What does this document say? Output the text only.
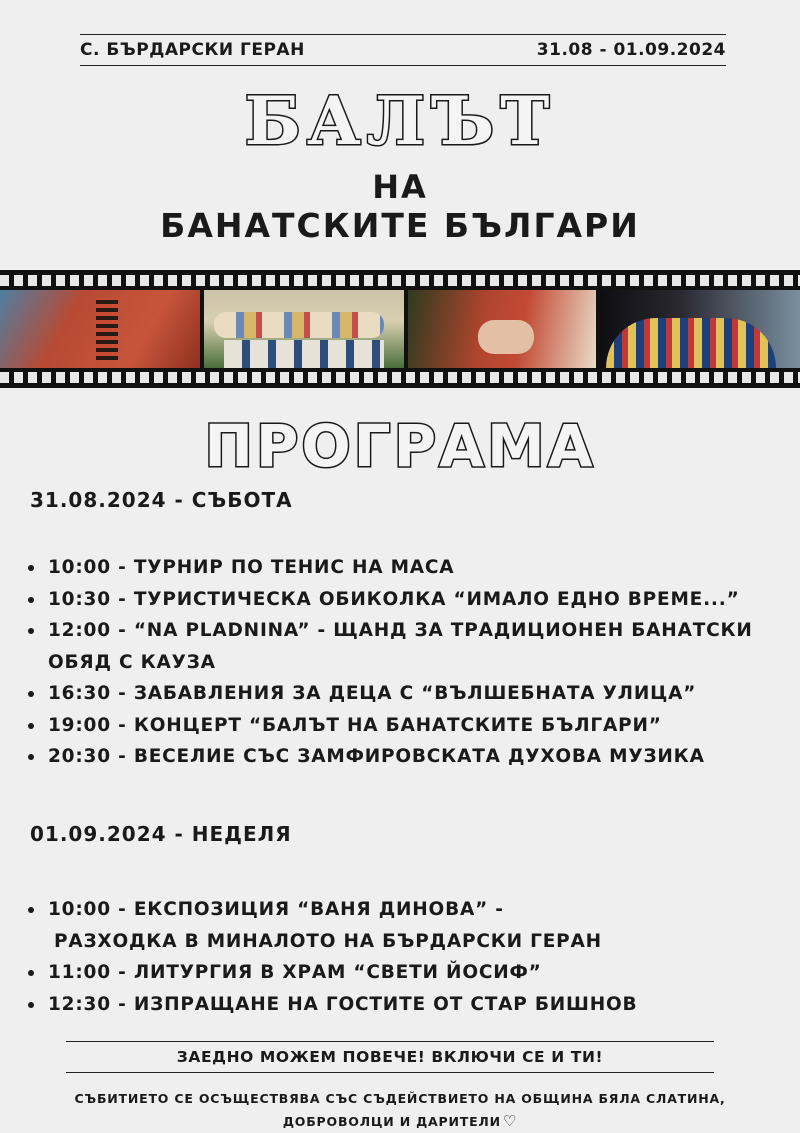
С. БЪРДАРСКИ ГЕРАН	31.08 - 01.09.2024
БАЛЪТ
НА
БАНАТСКИТЕ БЪЛГАРИ
ПРОГРАМА
31.08.2024 - СЪБОТА
10:00 - ТУРНИР ПО ТЕНИС НА МАСА
10:30 - ТУРИСТИЧЕСКА ОБИКОЛКА “ИМАЛО ЕДНО ВРЕМЕ...”
12:00 - “NA PLADNINA” - ЩАНД ЗА ТРАДИЦИОНЕН БАНАТСКИ
ОБЯД С КАУЗА
16:30 - ЗАБАВЛЕНИЯ ЗА ДЕЦА С “ВЪЛШЕБНАТА УЛИЦА”
19:00 - КОНЦЕРТ “БАЛЪТ НА БАНАТСКИТЕ БЪЛГАРИ”
20:30 - ВЕСЕЛИЕ СЪС ЗАМФИРОВСКАТА ДУХОВА МУЗИКА
01.09.2024 - НЕДЕЛЯ
10:00 - ЕКСПОЗИЦИЯ “ВАНЯ ДИНОВА” -
РАЗХОДКА В МИНАЛОТО НА БЪРДАРСКИ ГЕРАН
11:00 - ЛИТУРГИЯ В ХРАМ “СВЕТИ ЙОСИФ”
12:30 - ИЗПРАЩАНЕ НА ГОСТИТЕ ОТ СТАР БИШНОВ
ЗАЕДНО МОЖЕМ ПОВЕЧЕ! ВКЛЮЧИ СЕ И ТИ!
СЪБИТИЕТО СЕ ОСЪЩЕСТВЯВА СЪС СЪДЕЙСТВИЕТО НА ОБЩИНА БЯЛА СЛАТИНА,
ДОБРОВОЛЦИ И ДАРИТЕЛИ ♡
